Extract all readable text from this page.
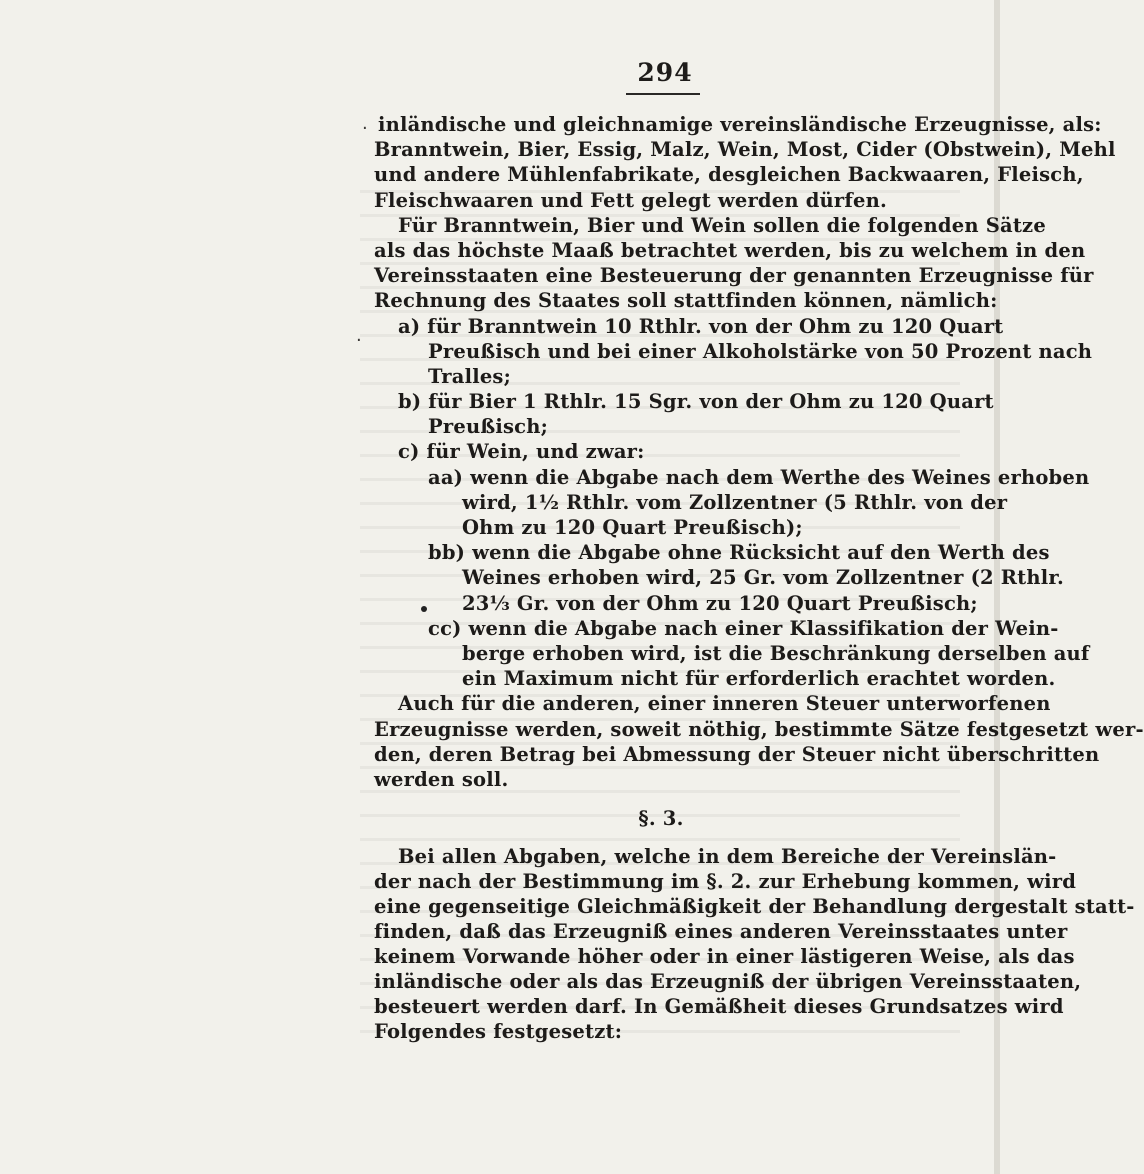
294
·
·
inländische und gleichnamige vereinsländische Erzeugnisse, als:
Branntwein, Bier, Essig, Malz, Wein, Most, Cider (Obstwein), Mehl
und andere Mühlenfabrikate, desgleichen Backwaaren, Fleisch,
Fleischwaaren und Fett gelegt werden dürfen.
Für Branntwein, Bier und Wein sollen die folgenden Sätze
als das höchste Maaß betrachtet werden, bis zu welchem in den
Vereinsstaaten eine Besteuerung der genannten Erzeugnisse für
Rechnung des Staates soll stattfinden können, nämlich:
a) für Branntwein 10 Rthlr. von der Ohm zu 120 Quart
Preußisch und bei einer Alkoholstärke von 50 Prozent nach
Tralles;
b) für Bier 1 Rthlr. 15 Sgr. von der Ohm zu 120 Quart
Preußisch;
c) für Wein, und zwar:
aa) wenn die Abgabe nach dem Werthe des Weines erhoben
wird, 1½ Rthlr. vom Zollzentner (5 Rthlr. von der
Ohm zu 120 Quart Preußisch);
bb) wenn die Abgabe ohne Rücksicht auf den Werth des
Weines erhoben wird, 25 Gr. vom Zollzentner (2 Rthlr.
23⅓ Gr. von der Ohm zu 120 Quart Preußisch;
cc) wenn die Abgabe nach einer Klassifikation der Wein-
berge erhoben wird, ist die Beschränkung derselben auf
ein Maximum nicht für erforderlich erachtet worden.
Auch für die anderen, einer inneren Steuer unterworfenen
Erzeugnisse werden, soweit nöthig, bestimmte Sätze festgesetzt wer-
den, deren Betrag bei Abmessung der Steuer nicht überschritten
werden soll.
§. 3.
Bei allen Abgaben, welche in dem Bereiche der Vereinslän-
der nach der Bestimmung im §. 2. zur Erhebung kommen, wird
eine gegenseitige Gleichmäßigkeit der Behandlung dergestalt statt-
finden, daß das Erzeugniß eines anderen Vereinsstaates unter
keinem Vorwande höher oder in einer lästigeren Weise, als das
inländische oder als das Erzeugniß der übrigen Vereinsstaaten,
besteuert werden darf. In Gemäßheit dieses Grundsatzes wird
Folgendes festgesetzt:
